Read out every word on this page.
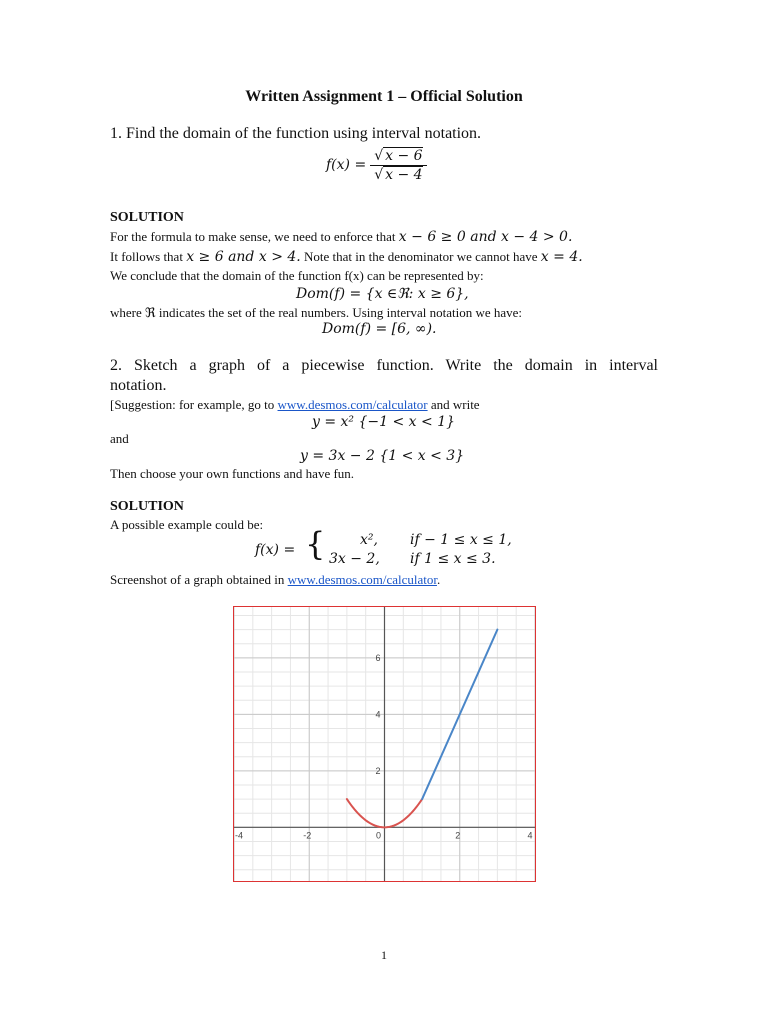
Written Assignment 1 – Official Solution
1. Find the domain of the function using interval notation.
$f(x) = \frac{√ x - 6}{√ x - 4}$
SOLUTION
For the formula to make sense, we need to enforce that x − 6 ≥ 0 and x − 4 > 0.
It follows that x ≥ 6 and x > 4. Note that in the denominator we cannot have x = 4.
We conclude that the domain of the function f(x) can be represented by:
Dom(f) = {x ∈ℜ: x ≥ 6},
where ℜ indicates the set of the real numbers. Using interval notation we have:
Dom(f) = [6, ∞).
2. Sketch a graph of a piecewise function. Write the domain in interval
notation.
[Suggestion: for example, go to www.desmos.com/calculator and write
y = x² {−1 < x < 1}
and
y = 3x − 2 {1 < x < 3}
Then choose your own functions and have fun.
SOLUTION
A possible example could be:
f(x) = { x², if − 1 ≤ x ≤ 1,
3x − 2, if 1 ≤ x ≤ 3.
Screenshot of a graph obtained in www.desmos.com/calculator.
-4	-2	0	2	4
2
4
6
1
